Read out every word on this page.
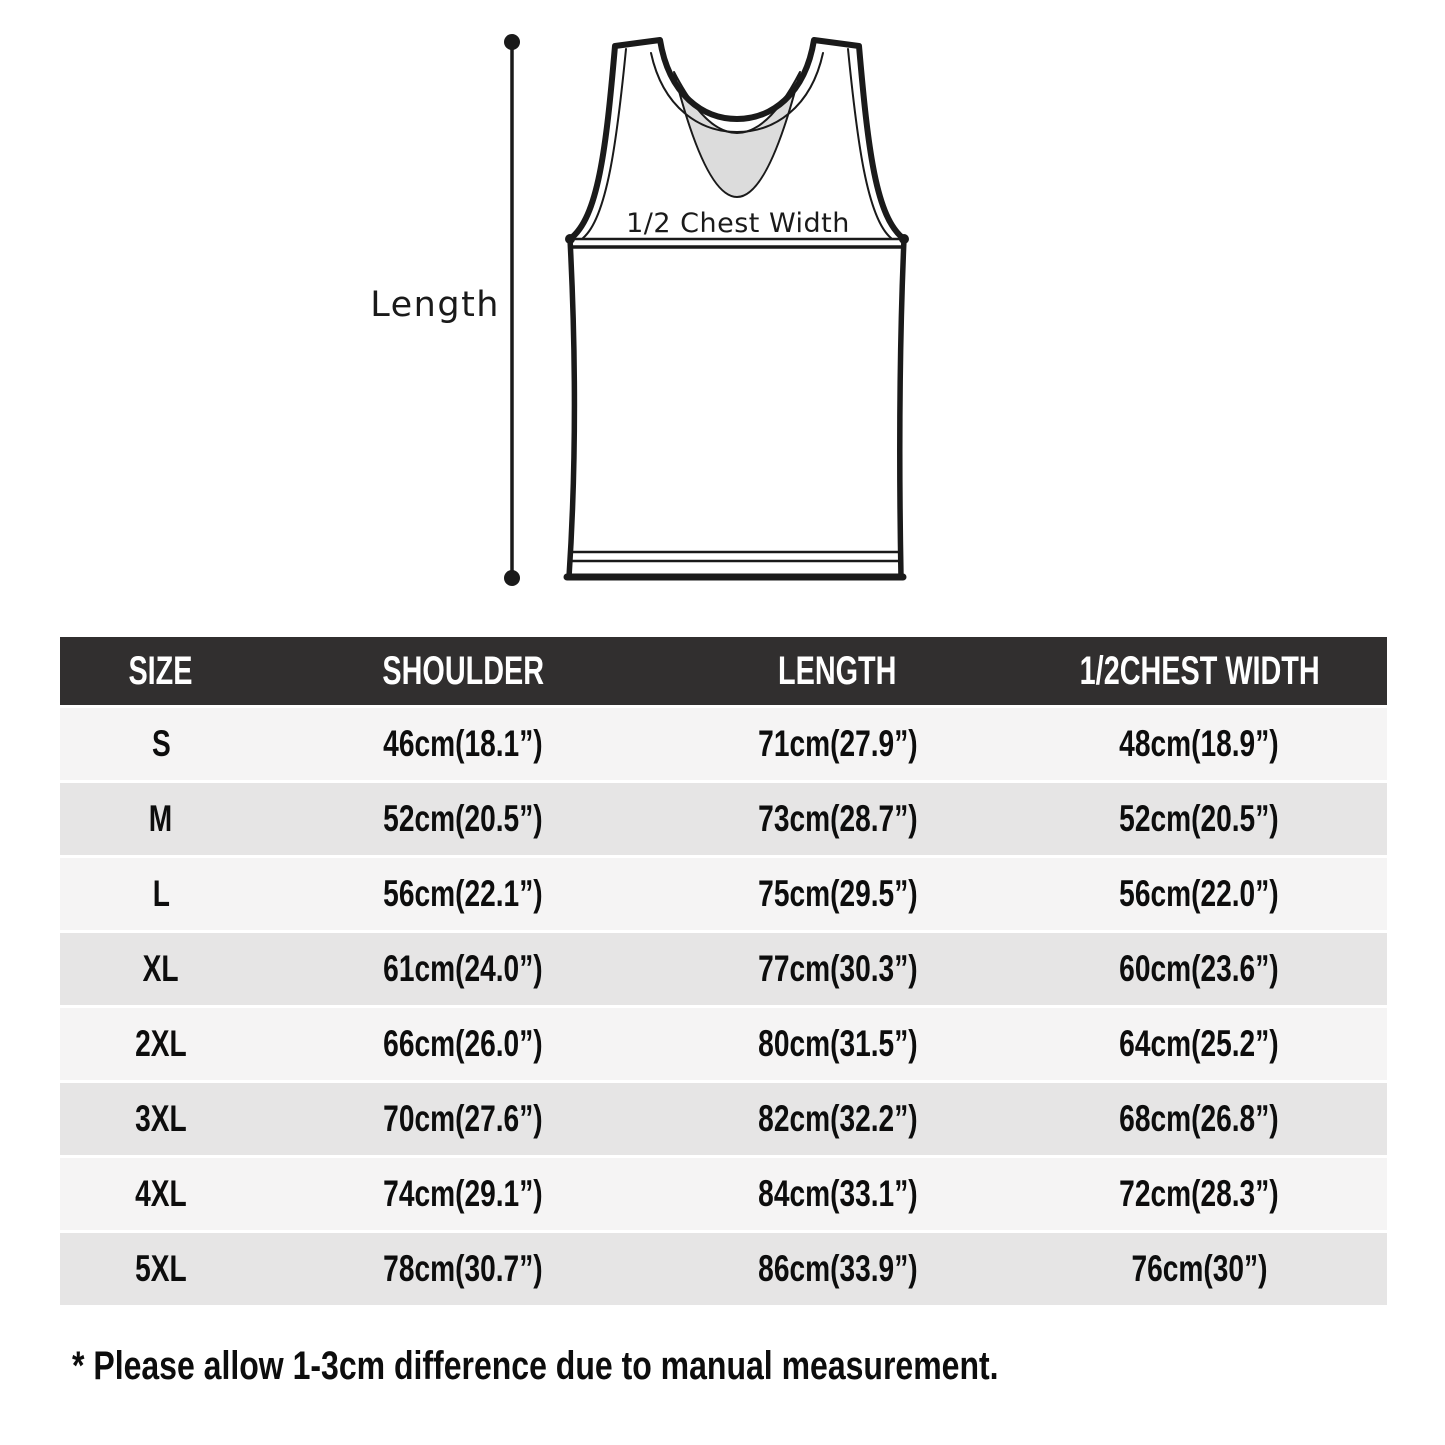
Length
1/2 Chest Width
SIZE	SHOULDER	LENGTH	1/2CHEST WIDTH
S	46cm(18.1”)	71cm(27.9”)	48cm(18.9”)
M	52cm(20.5”)	73cm(28.7”)	52cm(20.5”)
L	56cm(22.1”)	75cm(29.5”)	56cm(22.0”)
XL	61cm(24.0”)	77cm(30.3”)	60cm(23.6”)
2XL	66cm(26.0”)	80cm(31.5”)	64cm(25.2”)
3XL	70cm(27.6”)	82cm(32.2”)	68cm(26.8”)
4XL	74cm(29.1”)	84cm(33.1”)	72cm(28.3”)
5XL	78cm(30.7”)	86cm(33.9”)	76cm(30”)
* Please allow 1-3cm difference due to manual measurement.
